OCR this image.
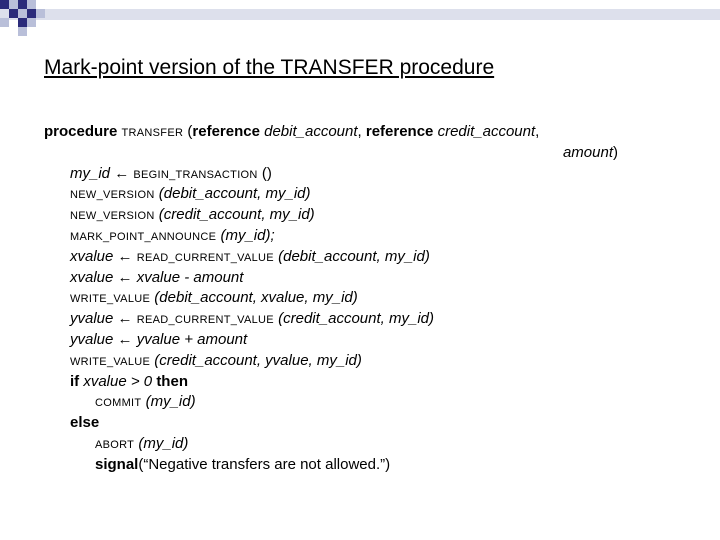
Mark-point version of the TRANSFER procedure
procedure TRANSFER (reference debit_account, reference credit_account,
amount)
my_id ← BEGIN_TRANSACTION ()
NEW_VERSION (debit_account, my_id)
NEW_VERSION (credit_account, my_id)
MARK_POINT_ANNOUNCE (my_id);
xvalue ← READ_CURRENT_VALUE (debit_account, my_id)
xvalue ← xvalue - amount
WRITE_VALUE (debit_account, xvalue, my_id)
yvalue ← READ_CURRENT_VALUE (credit_account, my_id)
yvalue ← yvalue + amount
WRITE_VALUE (credit_account, yvalue, my_id)
if xvalue > 0 then
COMMIT (my_id)
else
ABORT (my_id)
signal(“Negative transfers are not allowed.”)
